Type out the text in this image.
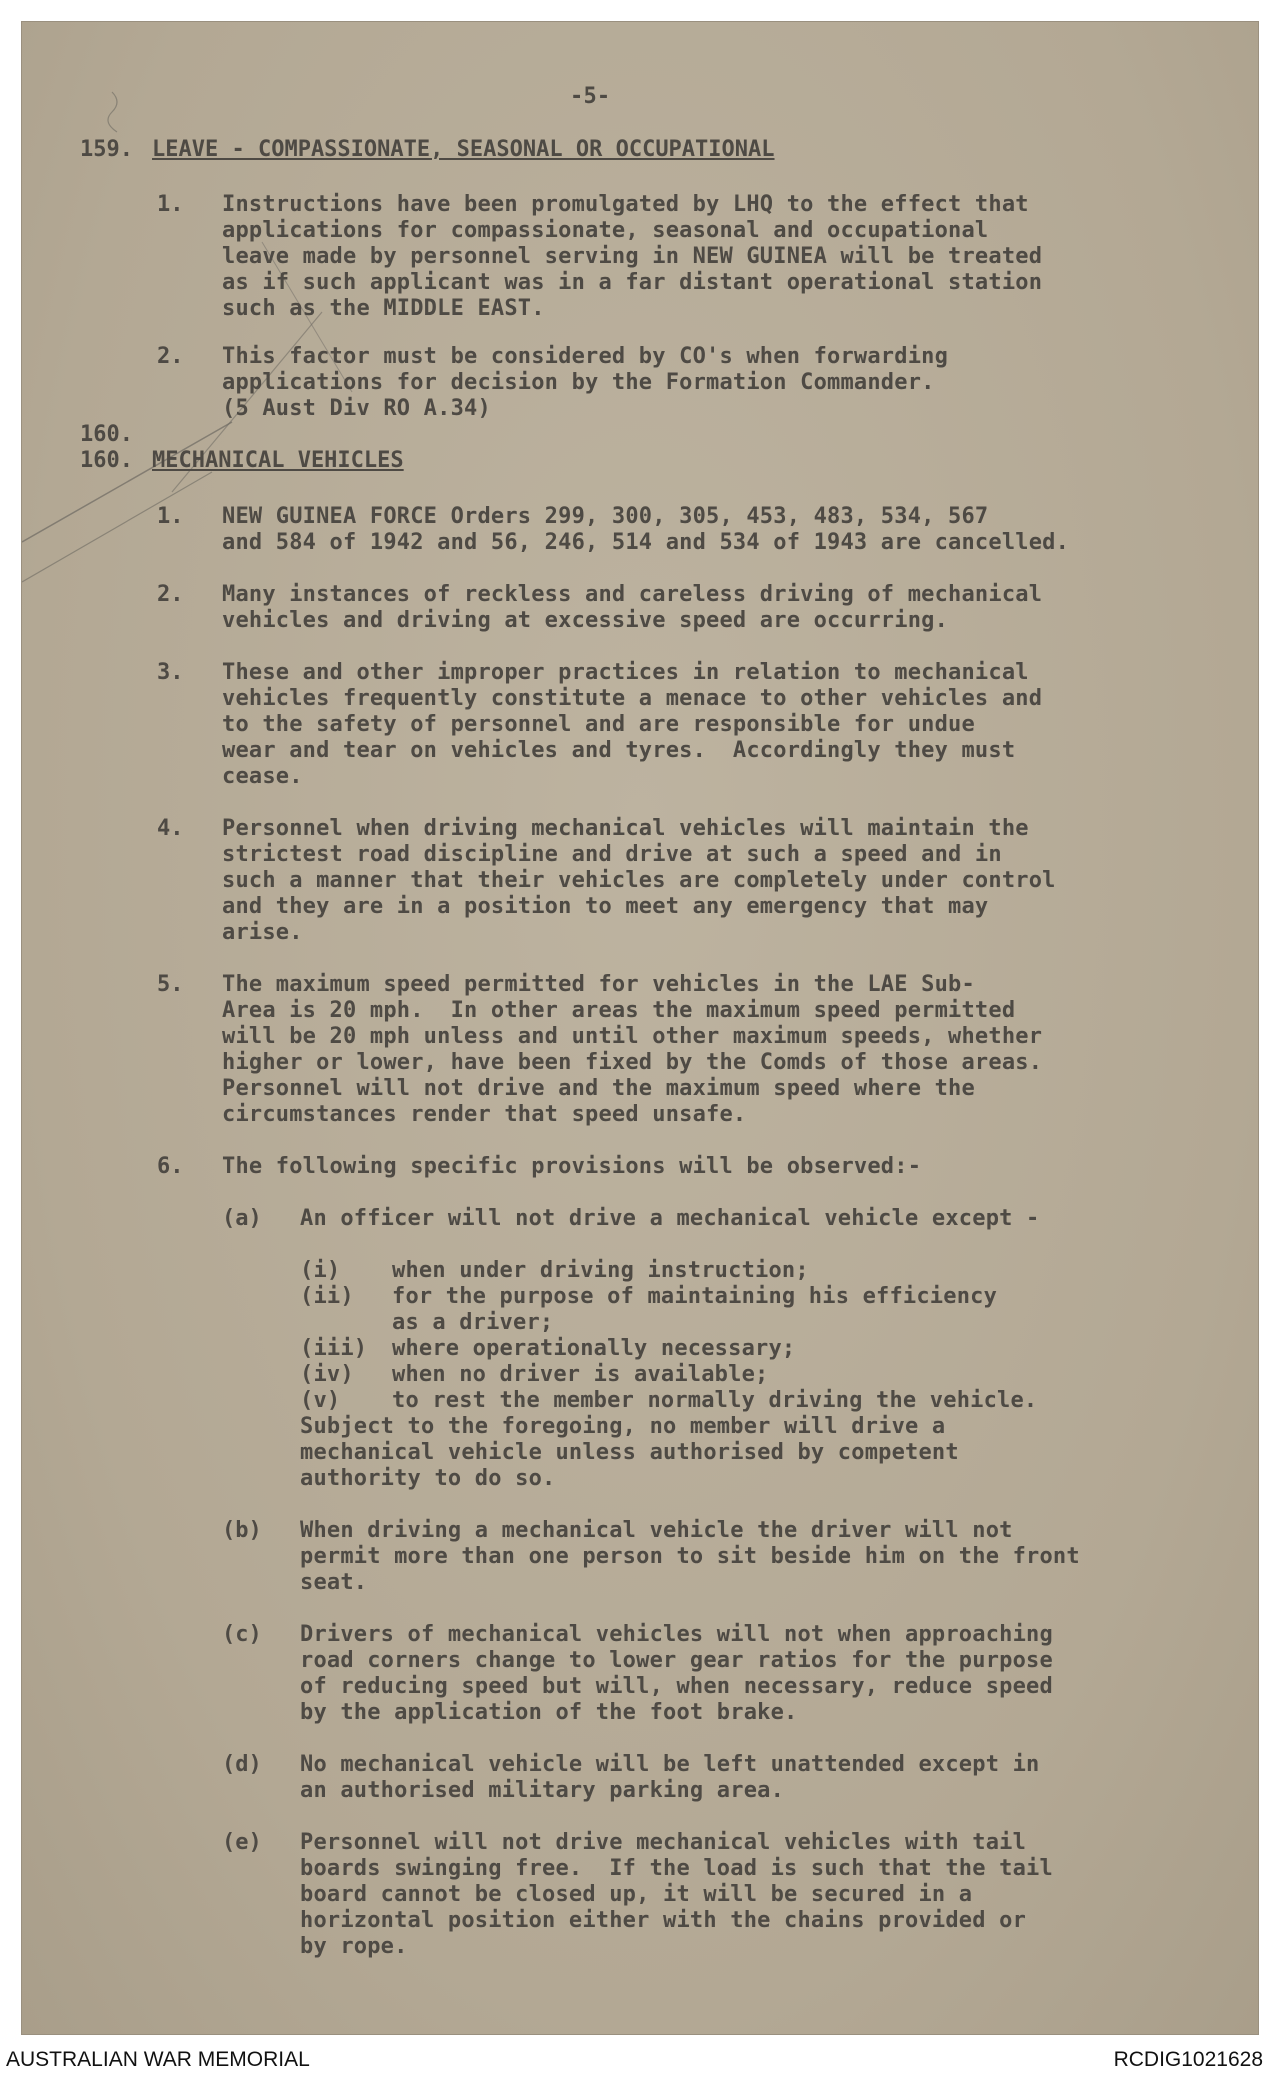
-5-
159. LEAVE - COMPASSIONATE, SEASONAL OR OCCUPATIONAL
1. Instructions have been promulgated by LHQ to the effect that
applications for compassionate, seasonal and occupational
leave made by personnel serving in NEW GUINEA will be treated
as if such applicant was in a far distant operational station
such as the MIDDLE EAST.
2. This factor must be considered by CO's when forwarding
applications for decision by the Formation Commander.
(5 Aust Div RO A.34)
160.
160. MECHANICAL VEHICLES
1. NEW GUINEA FORCE Orders 299, 300, 305, 453, 483, 534, 567
and 584 of 1942 and 56, 246, 514 and 534 of 1943 are cancelled.
2. Many instances of reckless and careless driving of mechanical
vehicles and driving at excessive speed are occurring.
3. These and other improper practices in relation to mechanical
vehicles frequently constitute a menace to other vehicles and
to the safety of personnel and are responsible for undue
wear and tear on vehicles and tyres.  Accordingly they must
cease.
4. Personnel when driving mechanical vehicles will maintain the
strictest road discipline and drive at such a speed and in
such a manner that their vehicles are completely under control
and they are in a position to meet any emergency that may
arise.
5. The maximum speed permitted for vehicles in the LAE Sub-
Area is 20 mph.  In other areas the maximum speed permitted
will be 20 mph unless and until other maximum speeds, whether
higher or lower, have been fixed by the Comds of those areas.
Personnel will not drive and the maximum speed where the
circumstances render that speed unsafe.
6. The following specific provisions will be observed:-
(a) An officer will not drive a mechanical vehicle except -
(i) when under driving instruction;
(ii) for the purpose of maintaining his efficiency
as a driver;
(iii) where operationally necessary;
(iv) when no driver is available;
(v) to rest the member normally driving the vehicle.
Subject to the foregoing, no member will drive a
mechanical vehicle unless authorised by competent
authority to do so.
(b) When driving a mechanical vehicle the driver will not
permit more than one person to sit beside him on the front
seat.
(c) Drivers of mechanical vehicles will not when approaching
road corners change to lower gear ratios for the purpose
of reducing speed but will, when necessary, reduce speed
by the application of the foot brake.
(d) No mechanical vehicle will be left unattended except in
an authorised military parking area.
(e) Personnel will not drive mechanical vehicles with tail
boards swinging free.  If the load is such that the tail
board cannot be closed up, it will be secured in a
horizontal position either with the chains provided or
by rope.
AUSTRALIAN WAR MEMORIAL	RCDIG1021628
